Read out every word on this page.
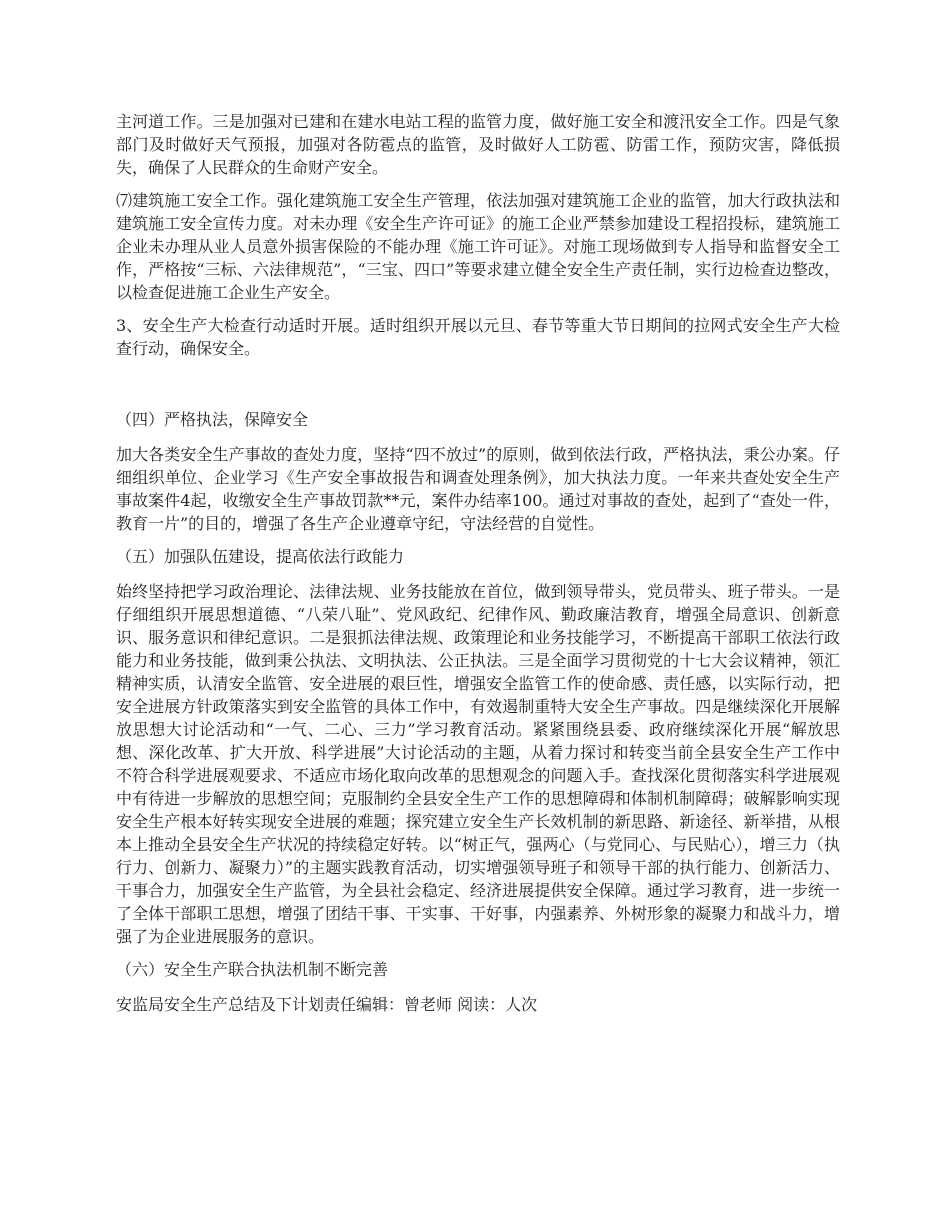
主河道工作。三是加强对已建和在建水电站工程的监管力度，做好施工安全和渡汛安全工作。四是气象部门及时做好天气预报，加强对各防雹点的监管，及时做好人工防雹、防雷工作，预防灾害，降低损失，确保了人民群众的生命财产安全。

⑺建筑施工安全工作。强化建筑施工安全生产管理，依法加强对建筑施工企业的监管，加大行政执法和建筑施工安全宣传力度。对未办理《安全生产许可证》的施工企业严禁参加建设工程招投标，建筑施工企业未办理从业人员意外损害保险的不能办理《施工许可证》。对施工现场做到专人指导和监督安全工作，严格按“三标、六法律规范”，“三宝、四口”等要求建立健全安全生产责任制，实行边检查边整改，以检查促进施工企业生产安全。

3、安全生产大检查行动适时开展。适时组织开展以元旦、春节等重大节日期间的拉网式安全生产大检查行动，确保安全。

（四）严格执法，保障安全

加大各类安全生产事故的查处力度，坚持“四不放过”的原则，做到依法行政，严格执法，秉公办案。仔细组织单位、企业学习《生产安全事故报告和调查处理条例》，加大执法力度。一年来共查处安全生产事故案件4起，收缴安全生产事故罚款**元，案件办结率100。通过对事故的查处，起到了“查处一件，教育一片”的目的，增强了各生产企业遵章守纪，守法经营的自觉性。

（五）加强队伍建设，提高依法行政能力

始终坚持把学习政治理论、法律法规、业务技能放在首位，做到领导带头，党员带头、班子带头。一是仔细组织开展思想道德、“八荣八耻”、党风政纪、纪律作风、勤政廉洁教育，增强全局意识、创新意识、服务意识和律纪意识。二是狠抓法律法规、政策理论和业务技能学习，不断提高干部职工依法行政能力和业务技能，做到秉公执法、文明执法、公正执法。三是全面学习贯彻党的十七大会议精神，领汇精神实质，认清安全监管、安全进展的艰巨性，增强安全监管工作的使命感、责任感，以实际行动，把安全进展方针政策落实到安全监管的具体工作中，有效遏制重特大安全生产事故。四是继续深化开展解放思想大讨论活动和“一气、二心、三力”学习教育活动。紧紧围绕县委、政府继续深化开展“解放思想、深化改革、扩大开放、科学进展”大讨论活动的主题，从着力探讨和转变当前全县安全生产工作中不符合科学进展观要求、不适应市场化取向改革的思想观念的问题入手。查找深化贯彻落实科学进展观中有待进一步解放的思想空间；克服制约全县安全生产工作的思想障碍和体制机制障碍；破解影响实现安全生产根本好转实现安全进展的难题；探究建立安全生产长效机制的新思路、新途径、新举措，从根本上推动全县安全生产状况的持续稳定好转。以“树正气，强两心（与党同心、与民贴心），增三力（执行力、创新力、凝聚力）”的主题实践教育活动，切实增强领导班子和领导干部的执行能力、创新活力、干事合力，加强安全生产监管，为全县社会稳定、经济进展提供安全保障。通过学习教育，进一步统一了全体干部职工思想，增强了团结干事、干实事、干好事，内强素养、外树形象的凝聚力和战斗力，增强了为企业进展服务的意识。

（六）安全生产联合执法机制不断完善

安监局安全生产总结及下计划责任编辑：曾老师 阅读：人次
